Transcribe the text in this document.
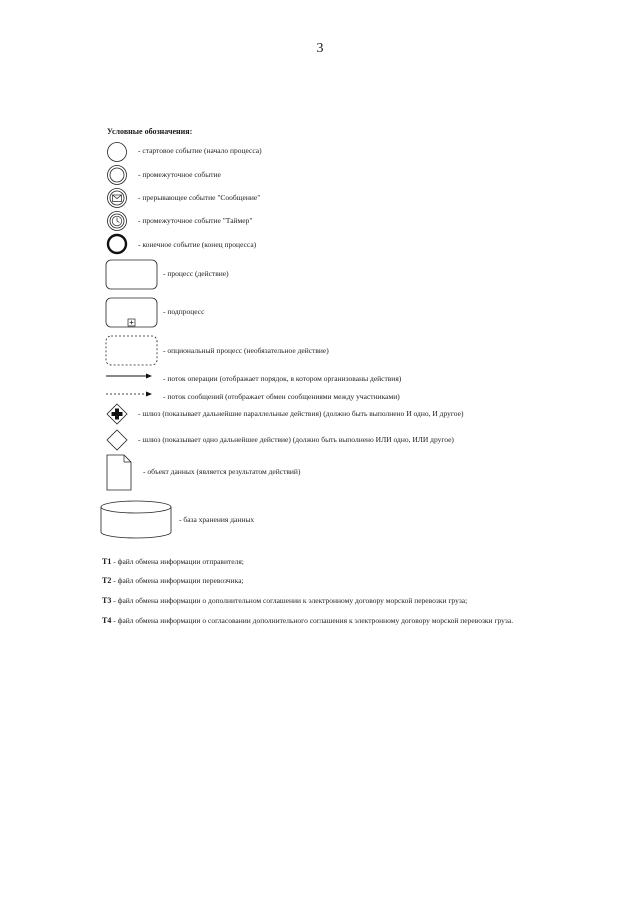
3
Условные обозначения:
- стартовое событие (начало процесса)
- промежуточное событие
- прерывающее событие "Сообщение"
- промежуточное событие "Таймер"
- конечное событие (конец процесса)
- процесс (действие)
- подпроцесс
- опциональный процесс (необязательное действие)
- поток операции (отображает порядок, в котором организованы действия)
- поток сообщений (отображает обмен сообщениями между участниками)
- шлюз (показывает дальнейшие параллельные действия) (должно быть выполнено И одно, И другое)
- шлюз (показывает одно дальнейшее действие) (должно быть выполнено ИЛИ одно, ИЛИ другое)
- объект данных (является результатом действий)
- база хранения данных
T1 - файл обмена информации отправителя;
T2 - файл обмена информации перевозчика;
T3 - файл обмена информации о дополнительном соглашении к электронному договору морской перевозки груза;
T4 - файл обмена информации о согласовании дополнительного соглашения к электронному договору морской перевозки груза.
